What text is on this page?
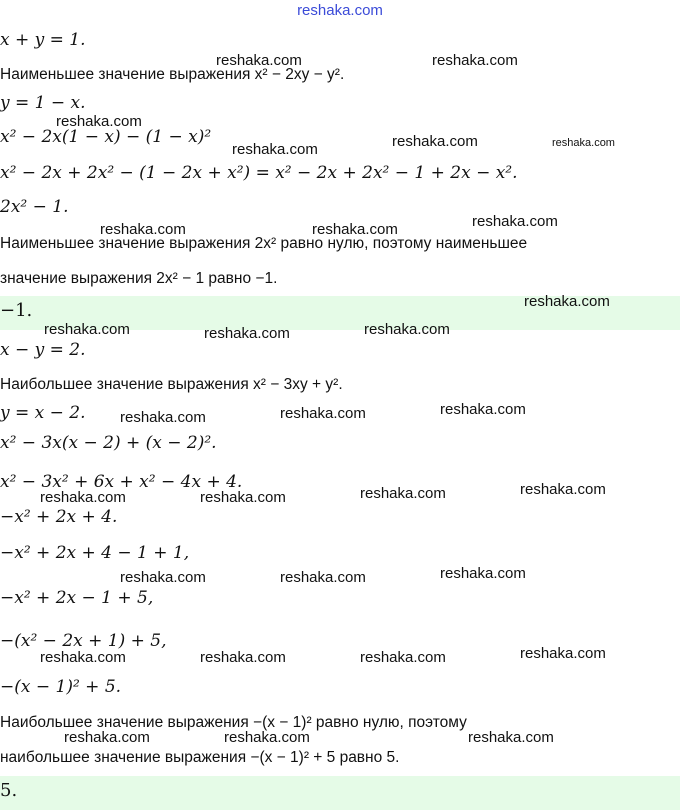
reshaka.com
x + y = 1.
Наименьшее значение выражения x² − 2xy − y².
y = 1 − x.
x² − 2x(1 − x) − (1 − x)²
x² − 2x + 2x² − (1 − 2x + x²) = x² − 2x + 2x² − 1 + 2x − x².
2x² − 1.
Наименьшее значение выражения 2x² равно нулю, поэтому наименьшее
значение выражения 2x² − 1 равно −1.
−1.
x − y = 2.
Наибольшее значение выражения x² − 3xy + y².
y = x − 2.
x² − 3x(x − 2) + (x − 2)².
x² − 3x² + 6x + x² − 4x + 4.
−x² + 2x + 4.
−x² + 2x + 4 − 1 + 1,
−x² + 2x − 1 + 5,
−(x² − 2x + 1) + 5,
−(x − 1)² + 5.
Наибольшее значение выражения −(x − 1)² равно нулю, поэтому
наибольшее значение выражения −(x − 1)² + 5 равно 5.
5.
reshaka.com	reshaka.com
reshaka.com
reshaka.com	reshaka.com	reshaka.com
reshaka.com	reshaka.com	reshaka.com
reshaka.com
reshaka.com	reshaka.com	reshaka.com
reshaka.com	reshaka.com	reshaka.com
reshaka.com	reshaka.com	reshaka.com	reshaka.com
reshaka.com	reshaka.com	reshaka.com
reshaka.com	reshaka.com	reshaka.com	reshaka.com
reshaka.com	reshaka.com	reshaka.com
